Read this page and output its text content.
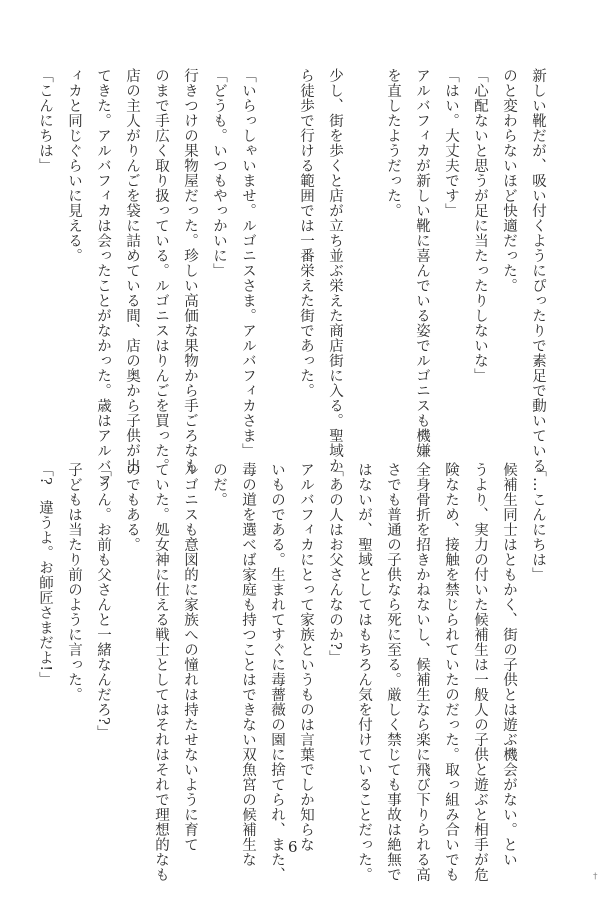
新しい靴だが、吸い付くようにぴったりで素足で動いている
のと変わらないほど快適だった。
「心配ないと思うが足に当たったりしないな」
「はい。大丈夫です」
アルバフィカが新しい靴に喜んでいる姿でルゴニスも機嫌
を直したようだった。
少し、街を歩くと店が立ち並ぶ栄えた商店街に入る。聖域か
ら徒歩で行ける範囲では一番栄えた街であった。
「いらっしゃいませ。ルゴニスさま。アルバフィカさま」
「どうも。いつもやっかいに」
行きつけの果物屋だった。珍しい高価な果物から手ごろなも
のまで手広く取り扱っている。ルゴニスはりんごを買った。
店の主人がりんごを袋に詰めている間、店の奥から子供が出
てきた。アルバフィカは会ったことがなかった。歳はアルバフ
ィカと同じぐらいに見える。
「こんにちは」
「…こんにちは」
候補生同士はともかく、街の子供とは遊ぶ機会がない。とい
うより、実力の付いた候補生は一般人の子供と遊ぶと相手が危
険なため、接触を禁じられていたのだった。取っ組み合いでも
全身骨折を招きかねないし、候補生なら楽に飛び下りられる高
さでも普通の子供なら死に至る。厳しく禁じても事故は絶無で
はないが、聖域としてはもちろん気を付けていることだった。
「あの人はお父さんなのか?」
アルバフィカにとって家族というものは言葉でしか知らな
いものである。生まれてすぐに毒薔薇の園に捨てられ、また、
毒の道を選べば家庭も持つことはできない双魚宮の候補生な
のだ。
ルゴニスも意図的に家族への憧れは持たせないように育て
ていた。処女神に仕える戦士としてはそれはそれで理想的なも
のでもある。
「うん。お前も父さんと一緒なんだろ?」
子どもは当たり前のように言った。
「?　違うよ。お師匠さまだよ!」
6
†
